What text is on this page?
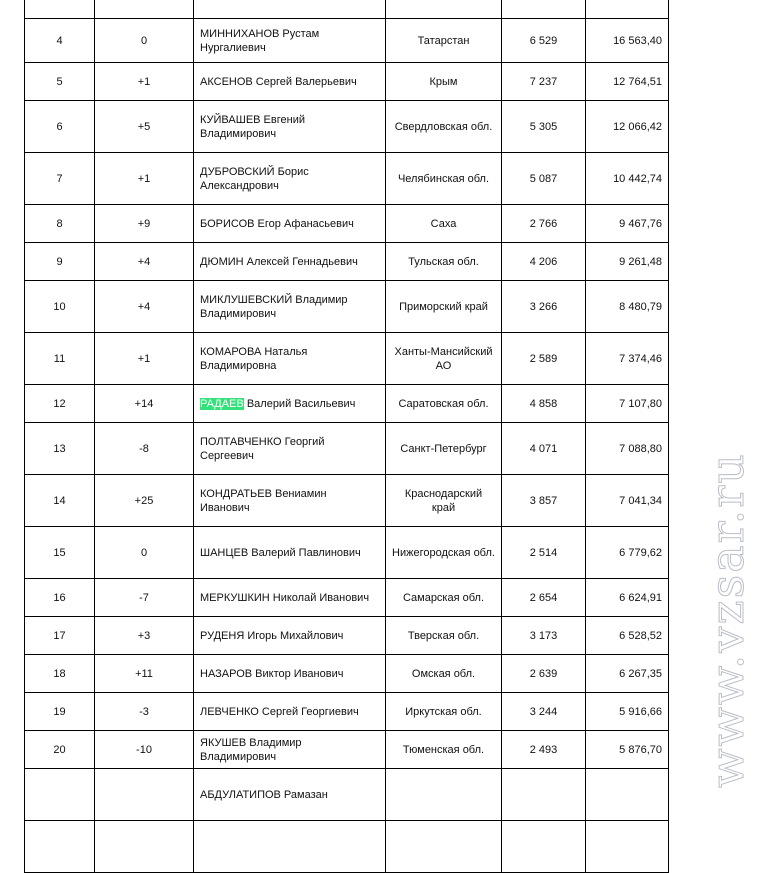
4	0	МИННИХАНОВ Рустам Нургалиевич	Татарстан	6 529	16 563,40
5	+1	АКСЕНОВ Сергей Валерьевич	Крым	7 237	12 764,51
6	+5	КУЙВАШЕВ Евгений Владимирович	Свердловская обл.	5 305	12 066,42
7	+1	ДУБРОВСКИЙ Борис Александрович	Челябинская обл.	5 087	10 442,74
8	+9	БОРИСОВ Егор Афанасьевич	Саха	2 766	9 467,76
9	+4	ДЮМИН Алексей Геннадьевич	Тульская обл.	4 206	9 261,48
10	+4	МИКЛУШЕВСКИЙ Владимир Владимирович	Приморский край	3 266	8 480,79
11	+1	КОМАРОВА Наталья Владимировна	Ханты-Мансийский АО	2 589	7 374,46
12	+14	РАДАЕВ Валерий Васильевич	Саратовская обл.	4 858	7 107,80
13	-8	ПОЛТАВЧЕНКО Георгий Сергеевич	Санкт-Петербург	4 071	7 088,80
14	+25	КОНДРАТЬЕВ Вениамин Иванович	Краснодарский край	3 857	7 041,34
15	0	ШАНЦЕВ Валерий Павлинович	Нижегородская обл.	2 514	6 779,62
16	-7	МЕРКУШКИН Николай Иванович	Самарская обл.	2 654	6 624,91
17	+3	РУДЕНЯ Игорь Михайлович	Тверская обл.	3 173	6 528,52
18	+11	НАЗАРОВ Виктор Иванович	Омская обл.	2 639	6 267,35
19	-3	ЛЕВЧЕНКО Сергей Георгиевич	Иркутская обл.	3 244	5 916,66
20	-10	ЯКУШЕВ Владимир Владимирович	Тюменская обл.	2 493	5 876,70
		АБДУЛАТИПОВ Рамазан			

www.vzsar.ru
